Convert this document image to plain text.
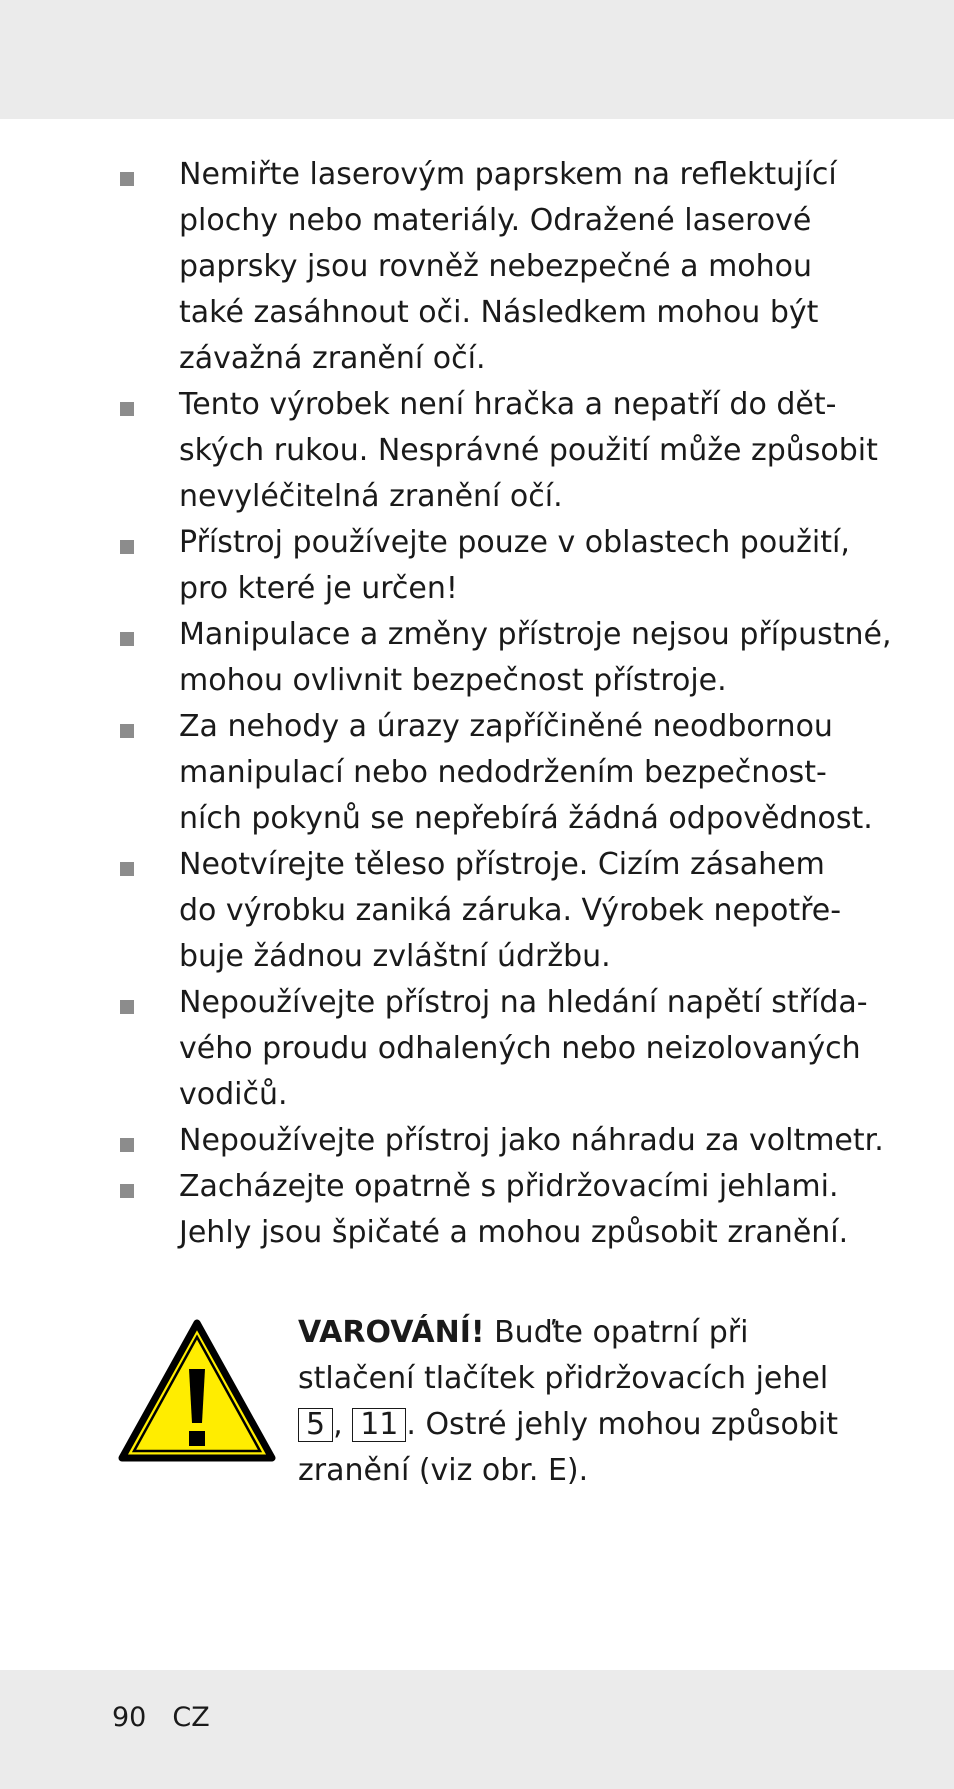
Nemiřte laserovým paprskem na reflektující
plochy nebo materiály. Odražené laserové
paprsky jsou rovněž nebezpečné a mohou
také zasáhnout oči. Následkem mohou být
závažná zranění očí.
Tento výrobek není hračka a nepatří do dět-
ských rukou. Nesprávné použití může způsobit
nevyléčitelná zranění očí.
Přístroj používejte pouze v oblastech použití,
pro které je určen!
Manipulace a změny přístroje nejsou přípustné,
mohou ovlivnit bezpečnost přístroje.
Za nehody a úrazy zapříčiněné neodbornou
manipulací nebo nedodržením bezpečnost-
ních pokynů se nepřebírá žádná odpovědnost.
Neotvírejte těleso přístroje. Cizím zásahem
do výrobku zaniká záruka. Výrobek nepotře-
buje žádnou zvláštní údržbu.
Nepoužívejte přístroj na hledání napětí střída-
vého proudu odhalených nebo neizolovaných
vodičů.
Nepoužívejte přístroj jako náhradu za voltmetr.
Zacházejte opatrně s přidržovacími jehlami.
Jehly jsou špičaté a mohou způsobit zranění.
VAROVÁNÍ! Buďte opatrní při
stlačení tlačítek přidržovacích jehel
5 , 11 . Ostré jehly mohou způsobit
zranění (viz obr. E).
90 CZ
